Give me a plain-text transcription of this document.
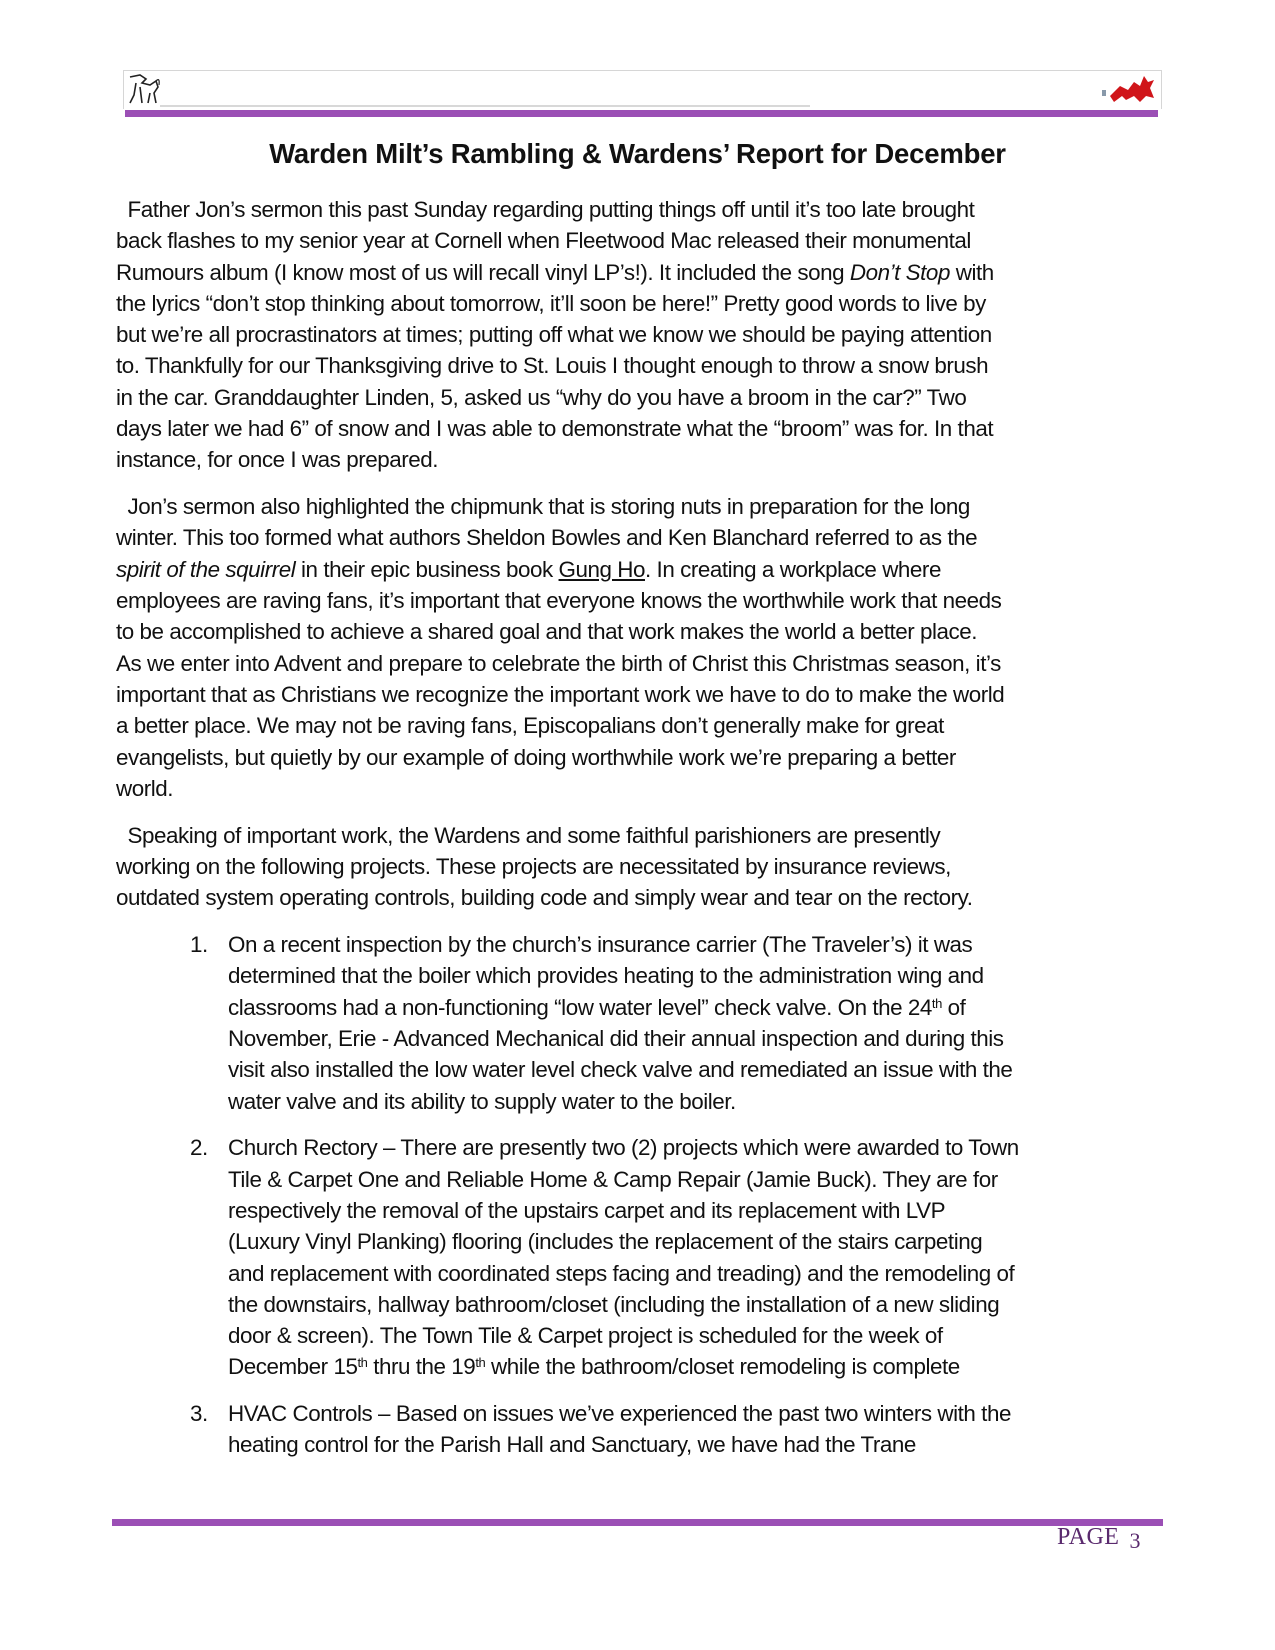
Warden Milt’s Rambling & Wardens’ Report for December
Father Jon’s sermon this past Sunday regarding putting things off until it’s too late brought
back flashes to my senior year at Cornell when Fleetwood Mac released their monumental
Rumours album (I know most of us will recall vinyl LP’s!). It included the song Don’t Stop with
the lyrics “don’t stop thinking about tomorrow, it’ll soon be here!” Pretty good words to live by
but we’re all procrastinators at times; putting off what we know we should be paying attention
to. Thankfully for our Thanksgiving drive to St. Louis I thought enough to throw a snow brush
in the car. Granddaughter Linden, 5, asked us “why do you have a broom in the car?” Two
days later we had 6” of snow and I was able to demonstrate what the “broom” was for. In that
instance, for once I was prepared.
Jon’s sermon also highlighted the chipmunk that is storing nuts in preparation for the long
winter. This too formed what authors Sheldon Bowles and Ken Blanchard referred to as the
spirit of the squirrel in their epic business book Gung Ho. In creating a workplace where
employees are raving fans, it’s important that everyone knows the worthwhile work that needs
to be accomplished to achieve a shared goal and that work makes the world a better place.
As we enter into Advent and prepare to celebrate the birth of Christ this Christmas season, it’s
important that as Christians we recognize the important work we have to do to make the world
a better place. We may not be raving fans, Episcopalians don’t generally make for great
evangelists, but quietly by our example of doing worthwhile work we’re preparing a better
world.
Speaking of important work, the Wardens and some faithful parishioners are presently
working on the following projects. These projects are necessitated by insurance reviews,
outdated system operating controls, building code and simply wear and tear on the rectory.
1. On a recent inspection by the church’s insurance carrier (The Traveler’s) it was
determined that the boiler which provides heating to the administration wing and
classrooms had a non-functioning “low water level” check valve. On the 24th of
November, Erie - Advanced Mechanical did their annual inspection and during this
visit also installed the low water level check valve and remediated an issue with the
water valve and its ability to supply water to the boiler.
2. Church Rectory – There are presently two (2) projects which were awarded to Town
Tile & Carpet One and Reliable Home & Camp Repair (Jamie Buck). They are for
respectively the removal of the upstairs carpet and its replacement with LVP
(Luxury Vinyl Planking) flooring (includes the replacement of the stairs carpeting
and replacement with coordinated steps facing and treading) and the remodeling of
the downstairs, hallway bathroom/closet (including the installation of a new sliding
door & screen). The Town Tile & Carpet project is scheduled for the week of
December 15th thru the 19th while the bathroom/closet remodeling is complete
3. HVAC Controls – Based on issues we’ve experienced the past two winters with the
heating control for the Parish Hall and Sanctuary, we have had the Trane
PAGE 3
